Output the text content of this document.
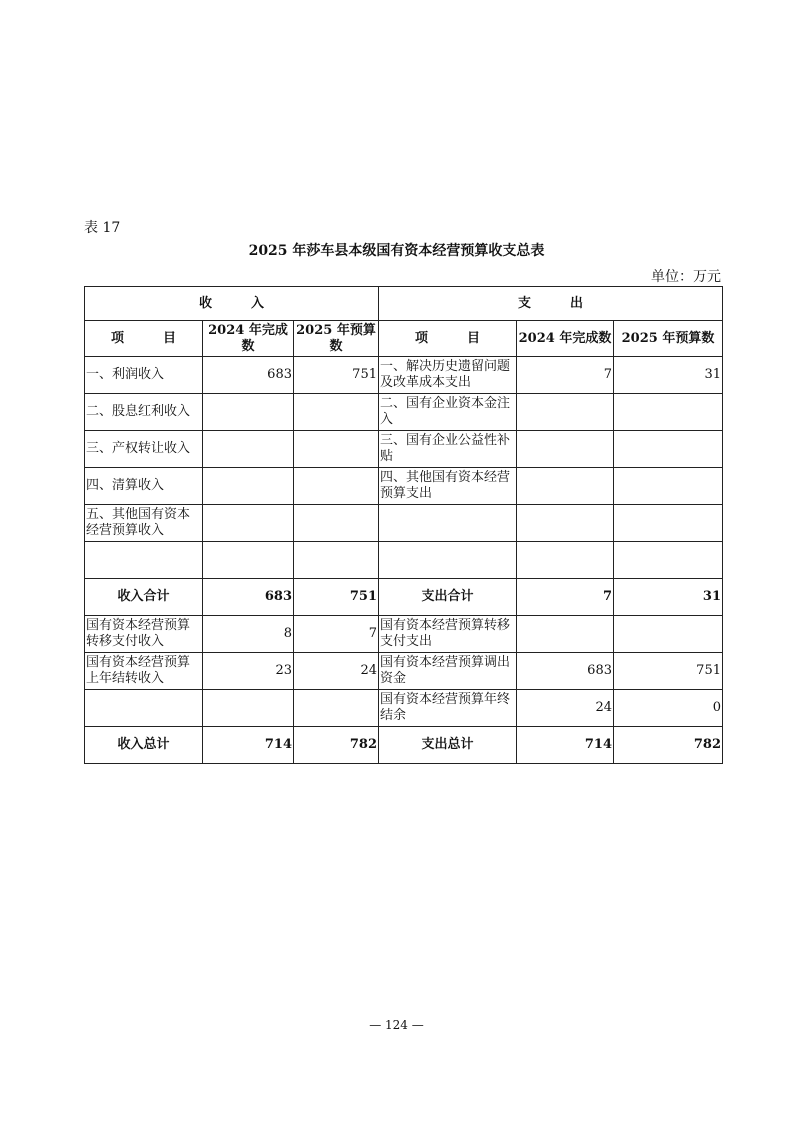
表 17
2025 年莎车县本级国有资本经营预算收支总表
单位：万元
收　　　入			支　　　出		
项　　　目	2024 年完成数	2025 年预算数	项　　　目	2024 年完成数	2025 年预算数
一、利润收入	683	751	一、解决历史遗留问题及改革成本支出	7	31
二、股息红利收入			二、国有企业资本金注入		
三、产权转让收入			三、国有企业公益性补贴		
四、清算收入			四、其他国有资本经营预算支出		
五、其他国有资本经营预算收入					

收入合计	683	751	支出合计	7	31
国有资本经营预算转移支付收入	8	7	国有资本经营预算转移支付支出		
国有资本经营预算上年结转收入	23	24	国有资本经营预算调出资金	683	751
			国有资本经营预算年终结余	24	0
收入总计	714	782	支出总计	714	782
— 124 —
